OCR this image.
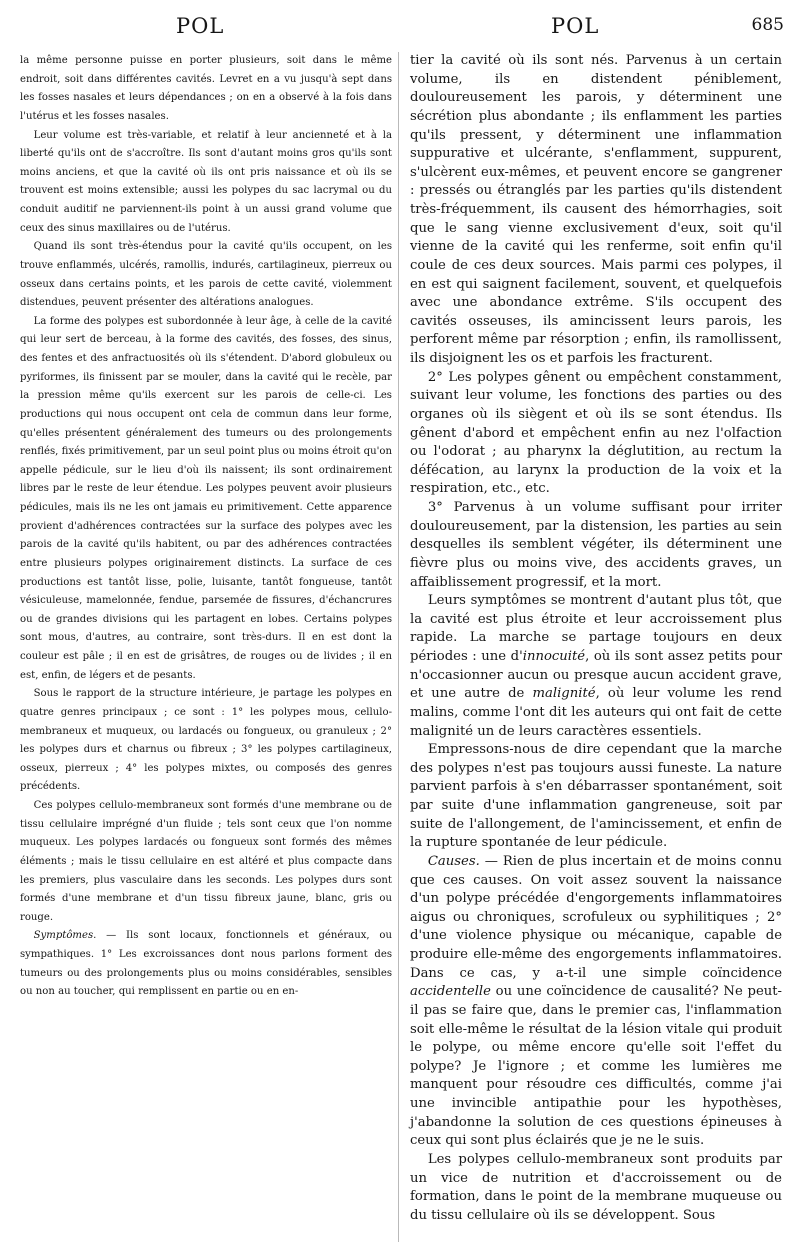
POL	POL	685

la même personne puisse en porter plusieurs, soit dans le même endroit, soit dans différentes cavités. Levret en a vu jusqu'à sept dans les fosses nasales et leurs dépendances ; on en a observé à la fois dans l'utérus et les fosses nasales.

Leur volume est très-variable, et relatif à leur ancienneté et à la liberté qu'ils ont de s'accroître. Ils sont d'autant moins gros qu'ils sont moins anciens, et que la cavité où ils ont pris naissance et où ils se trouvent est moins extensible; aussi les polypes du sac lacrymal ou du conduit auditif ne parviennent-ils point à un aussi grand volume que ceux des sinus maxillaires ou de l'utérus.

Quand ils sont très-étendus pour la cavité qu'ils occupent, on les trouve enflammés, ulcérés, ramollis, indurés, cartilagineux, pierreux ou osseux dans certains points, et les parois de cette cavité, violemment distendues, peuvent présenter des altérations analogues.

La forme des polypes est subordonnée à leur âge, à celle de la cavité qui leur sert de berceau, à la forme des cavités, des fosses, des sinus, des fentes et des anfractuosités où ils s'étendent. D'abord globuleux ou pyriformes, ils finissent par se mouler, dans la cavité qui le recèle, par la pression même qu'ils exercent sur les parois de celle-ci. Les productions qui nous occupent ont cela de commun dans leur forme, qu'elles présentent généralement des tumeurs ou des prolongements renflés, fixés primitivement, par un seul point plus ou moins étroit qu'on appelle pédicule, sur le lieu d'où ils naissent; ils sont ordinairement libres par le reste de leur étendue. Les polypes peuvent avoir plusieurs pédicules, mais ils ne les ont jamais eu primitivement. Cette apparence provient d'adhérences contractées sur la surface des polypes avec les parois de la cavité qu'ils habitent, ou par des adhérences contractées entre plusieurs polypes originairement distincts. La surface de ces productions est tantôt lisse, polie, luisante, tantôt fongueuse, tantôt vésiculeuse, mamelonnée, fendue, parsemée de fissures, d'échancrures ou de grandes divisions qui les partagent en lobes. Certains polypes sont mous, d'autres, au contraire, sont très-durs. Il en est dont la couleur est pâle ; il en est de grisâtres, de rouges ou de livides ; il en est, enfin, de légers et de pesants.

Sous le rapport de la structure intérieure, je partage les polypes en quatre genres principaux ; ce sont : 1° les polypes mous, cellulo-membraneux et muqueux, ou lardacés ou fongueux, ou granuleux ; 2° les polypes durs et charnus ou fibreux ; 3° les polypes cartilagineux, osseux, pierreux ; 4° les polypes mixtes, ou composés des genres précédents.

Ces polypes cellulo-membraneux sont formés d'une membrane ou de tissu cellulaire imprégné d'un fluide ; tels sont ceux que l'on nomme muqueux. Les polypes lardacés ou fongueux sont formés des mêmes éléments ; mais le tissu cellulaire en est altéré et plus compacte dans les premiers, plus vasculaire dans les seconds. Les polypes durs sont formés d'une membrane et d'un tissu fibreux jaune, blanc, gris ou rouge.

Symptômes. — Ils sont locaux, fonctionnels et généraux, ou sympathiques. 1° Les excroissances dont nous parlons forment des tumeurs ou des prolongements plus ou moins considérables, sensibles ou non au toucher, qui remplissent en partie ou en en-

tier la cavité où ils sont nés. Parvenus à un certain volume, ils en distendent péniblement, douloureusement les parois, y déterminent une sécrétion plus abondante ; ils enflamment les parties qu'ils pressent, y déterminent une inflammation suppurative et ulcérante, s'enflamment, suppurent, s'ulcèrent eux-mêmes, et peuvent encore se gangrener : pressés ou étranglés par les parties qu'ils distendent très-fréquemment, ils causent des hémorrhagies, soit que le sang vienne exclusivement d'eux, soit qu'il vienne de la cavité qui les renferme, soit enfin qu'il coule de ces deux sources. Mais parmi ces polypes, il en est qui saignent facilement, souvent, et quelquefois avec une abondance extrême. S'ils occupent des cavités osseuses, ils amincissent leurs parois, les perforent même par résorption ; enfin, ils ramollissent, ils disjoignent les os et parfois les fracturent.

2° Les polypes gênent ou empêchent constamment, suivant leur volume, les fonctions des parties ou des organes où ils siègent et où ils se sont étendus. Ils gênent d'abord et empêchent enfin au nez l'olfaction ou l'odorat ; au pharynx la déglutition, au rectum la défécation, au larynx la production de la voix et la respiration, etc., etc.

3° Parvenus à un volume suffisant pour irriter douloureusement, par la distension, les parties au sein desquelles ils semblent végéter, ils déterminent une fièvre plus ou moins vive, des accidents graves, un affaiblissement progressif, et la mort.

Leurs symptômes se montrent d'autant plus tôt, que la cavité est plus étroite et leur accroissement plus rapide. La marche se partage toujours en deux périodes : une d'innocuité, où ils sont assez petits pour n'occasionner aucun ou presque aucun accident grave, et une autre de malignité, où leur volume les rend malins, comme l'ont dit les auteurs qui ont fait de cette malignité un de leurs caractères essentiels.

Empressons-nous de dire cependant que la marche des polypes n'est pas toujours aussi funeste. La nature parvient parfois à s'en débarrasser spontanément, soit par suite d'une inflammation gangreneuse, soit par suite de l'allongement, de l'amincissement, et enfin de la rupture spontanée de leur pédicule.

Causes. — Rien de plus incertain et de moins connu que ces causes. On voit assez souvent la naissance d'un polype précédée d'engorgements inflammatoires aigus ou chroniques, scrofuleux ou syphilitiques ; 2° d'une violence physique ou mécanique, capable de produire elle-même des engorgements inflammatoires. Dans ce cas, y a-t-il une simple coïncidence accidentelle ou une coïncidence de causalité? Ne peut-il pas se faire que, dans le premier cas, l'inflammation soit elle-même le résultat de la lésion vitale qui produit le polype, ou même encore qu'elle soit l'effet du polype? Je l'ignore ; et comme les lumières me manquent pour résoudre ces difficultés, comme j'ai une invincible antipathie pour les hypothèses, j'abandonne la solution de ces questions épineuses à ceux qui sont plus éclairés que je ne le suis.

Les polypes cellulo-membraneux sont produits par un vice de nutrition et d'accroissement ou de formation, dans le point de la membrane muqueuse ou du tissu cellulaire où ils se développent. Sous
